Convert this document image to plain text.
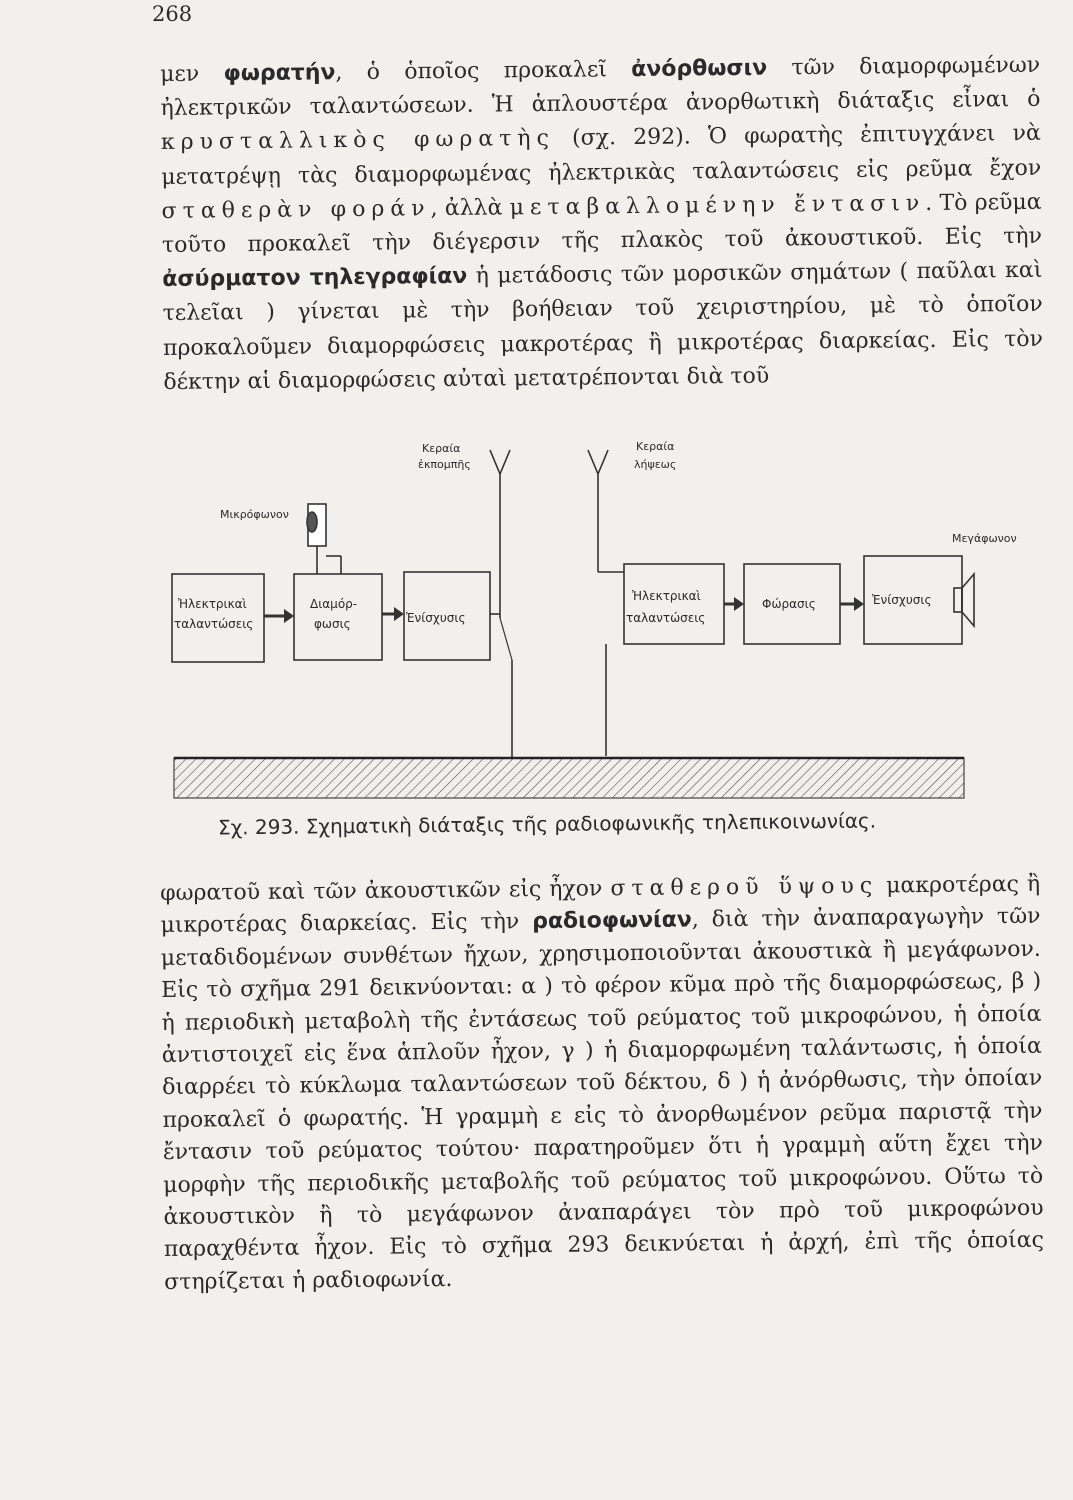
268

μεν φωρατήν, ὁ ὁποῖος προκαλεῖ ἀνόρθωσιν τῶν διαμορφωμένων ἠλεκτρικῶν ταλαντώσεων. Ἡ ἁπλουστέρα ἀνορθωτικὴ διάταξις εἶναι ὁ κρυσταλλικὸς φωρατὴς (σχ. 292). Ὁ φωρατὴς ἐπιτυγχάνει νὰ μετατρέψῃ τὰς διαμορφωμένας ἠλεκτρικὰς ταλαντώσεις εἰς ρεῦμα ἔχον σταθερὰν φοράν, ἀλλὰ μεταβαλλομένην ἔντασιν. Τὸ ρεῦμα τοῦτο προκαλεῖ τὴν διέγερσιν τῆς πλακὸς τοῦ ἀκουστικοῦ. Εἰς τὴν ἀσύρματον τηλεγραφίαν ἡ μετάδοσις τῶν μορσικῶν σημάτων ( παῦλαι καὶ τελεῖαι ) γίνεται μὲ τὴν βοήθειαν τοῦ χειριστηρίου, μὲ τὸ ὁποῖον προκαλοῦμεν διαμορφώσεις μακροτέρας ἢ μικροτέρας διαρκείας. Εἰς τὸν δέκτην αἱ διαμορφώσεις αὐταὶ μετατρέπονται διὰ τοῦ

Κεραία
ἐκπομπῆς
Κεραία
λήψεως
Μικρόφωνον
Ἠλεκτρικαὶ
ταλαντώσεις
Διαμόρ-
φωσις	Ἐνίσχυσις
Ἠλεκτρικαὶ
ταλαντώσεις
Φώρασις	Ἐνίσχυσις
Μεγάφωνον
Σχ. 293. Σχηματικὴ διάταξις τῆς ραδιοφωνικῆς τηλεπικοινωνίας.

φωρατοῦ καὶ τῶν ἀκουστικῶν εἰς ἦχον σταθεροῦ ὕψους μακροτέρας ἢ μικροτέρας διαρκείας. Εἰς τὴν ραδιοφωνίαν, διὰ τὴν ἀναπαραγωγὴν τῶν μεταδιδομένων συνθέτων ἤχων, χρησιμοποιοῦνται ἀκουστικὰ ἢ μεγάφωνον. Εἰς τὸ σχῆμα 291 δεικνύονται: α ) τὸ φέρον κῦμα πρὸ τῆς διαμορφώσεως, β ) ἡ περιοδικὴ μεταβολὴ τῆς ἐντάσεως τοῦ ρεύματος τοῦ μικροφώνου, ἡ ὁποία ἀντιστοιχεῖ εἰς ἕνα ἁπλοῦν ἦχον, γ ) ἡ διαμορφωμένη ταλάντωσις, ἡ ὁποία διαρρέει τὸ κύκλωμα ταλαντώσεων τοῦ δέκτου, δ ) ἡ ἀνόρθωσις, τὴν ὁποίαν προκαλεῖ ὁ φωρατής. Ἡ γραμμὴ ε εἰς τὸ ἀνορθωμένον ρεῦμα παριστᾷ τὴν ἔντασιν τοῦ ρεύματος τούτου· παρατηροῦμεν ὅτι ἡ γραμμὴ αὕτη ἔχει τὴν μορφὴν τῆς περιοδικῆς μεταβολῆς τοῦ ρεύματος τοῦ μικροφώνου. Οὕτω τὸ ἀκουστικὸν ἢ τὸ μεγάφωνον ἀναπαράγει τὸν πρὸ τοῦ μικροφώνου παραχθέντα ἦχον. Εἰς τὸ σχῆμα 293 δεικνύεται ἡ ἀρχή, ἐπὶ τῆς ὁποίας στηρίζεται ἡ ραδιοφωνία.
